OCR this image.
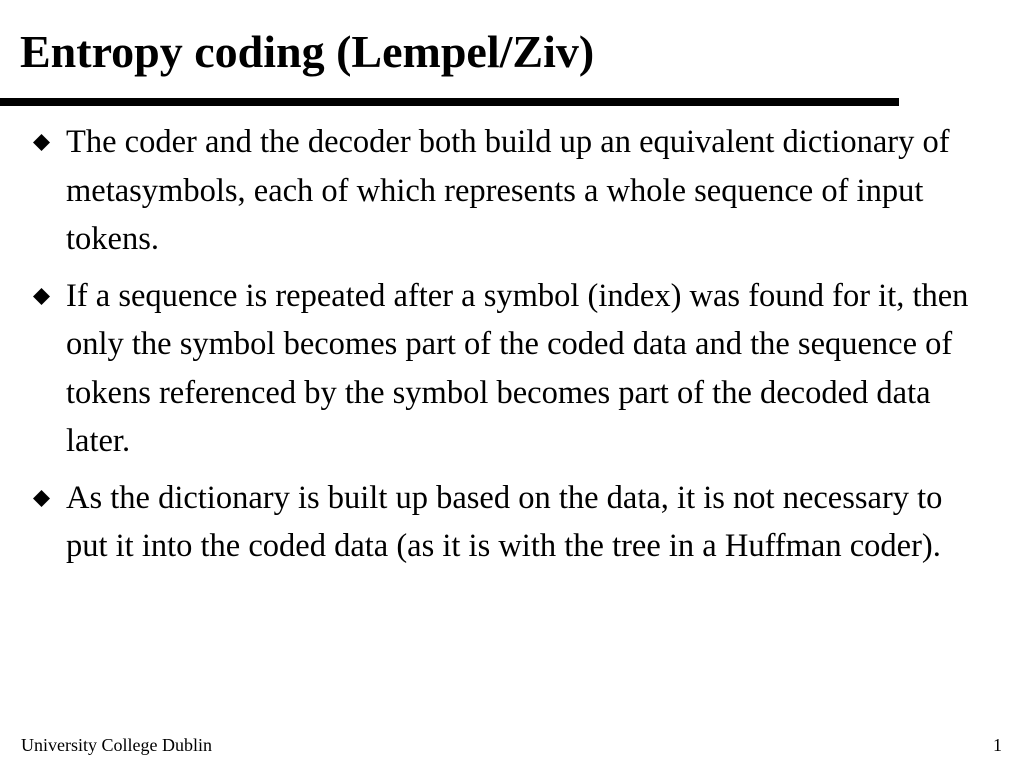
Entropy coding (Lempel/Ziv)
The coder and the decoder both build up an equivalent dictionary of metasymbols, each of which represents a whole sequence of input tokens.
If a sequence is repeated after a symbol (index) was found for it, then only the symbol becomes part of the coded data and the sequence of tokens referenced by the symbol becomes part of the decoded data later.
As the dictionary is built up based on the data, it is not necessary to put it into the coded data (as it is with the tree in a Huffman coder).
University College Dublin	1
